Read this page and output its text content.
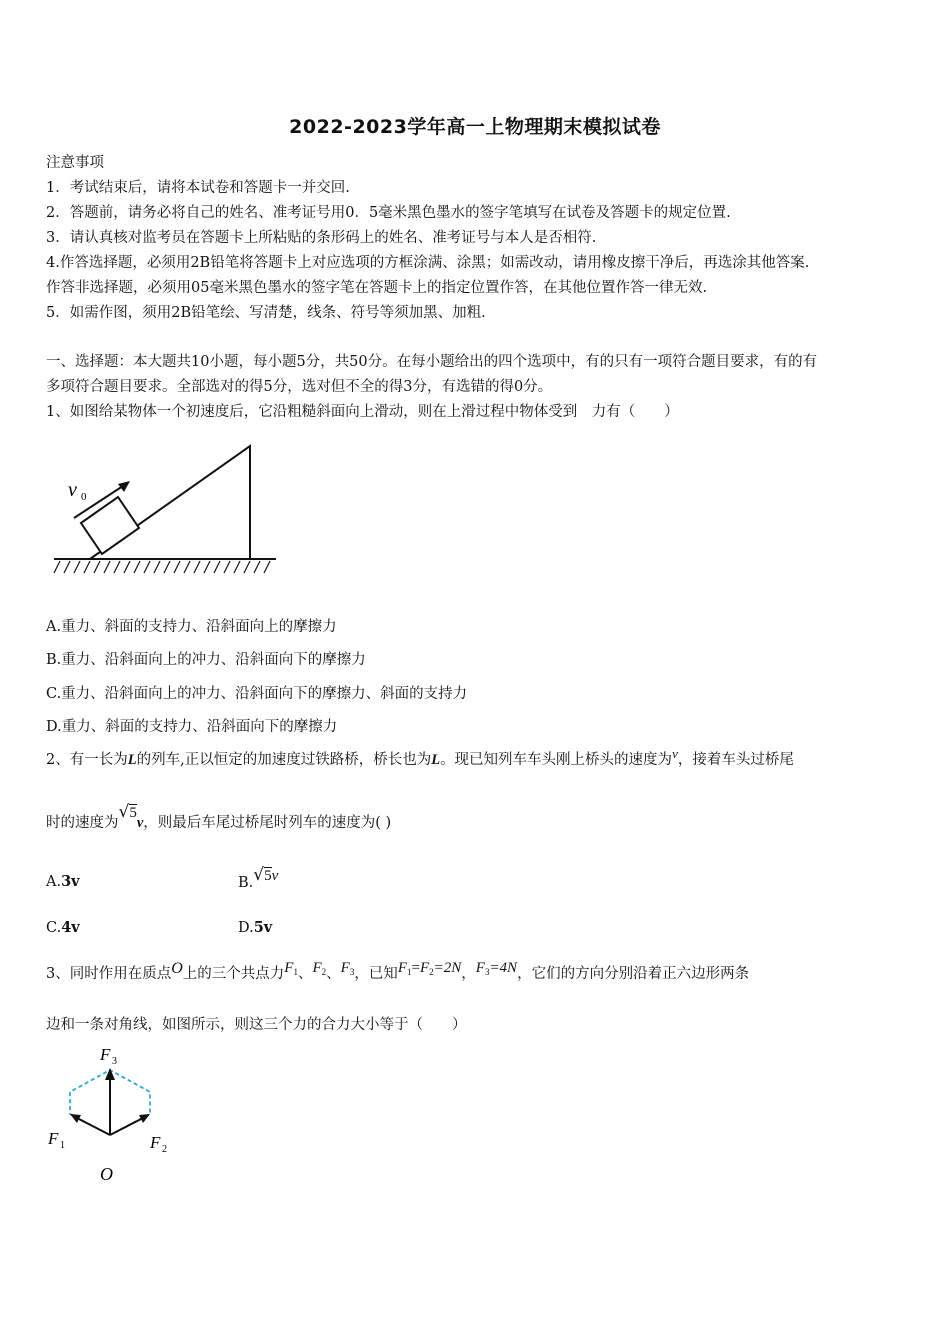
2022-2023学年高一上物理期末模拟试卷
注意事项
1．考试结束后，请将本试卷和答题卡一并交回.
2．答题前，请务必将自己的姓名、准考证号用0．5毫米黑色墨水的签字笔填写在试卷及答题卡的规定位置.
3．请认真核对监考员在答题卡上所粘贴的条形码上的姓名、准考证号与本人是否相符.
4.作答选择题，必须用2B铅笔将答题卡上对应选项的方框涂满、涂黑；如需改动，请用橡皮擦干净后，再选涂其他答案.
作答非选择题，必须用05毫米黑色墨水的签字笔在答题卡上的指定位置作答，在其他位置作答一律无效.
5．如需作图，须用2B铅笔绘、写清楚，线条、符号等须加黑、加粗.
一、选择题：本大题共10小题，每小题5分，共50分。在每小题给出的四个选项中，有的只有一项符合题目要求，有的有
多项符合题目要求。全部选对的得5分，选对但不全的得3分，有选错的得0分。
1、如图给某物体一个初速度后，它沿粗糙斜面向上滑动，则在上滑过程中物体受到　力有（　　）
v 0
A.重力、斜面的支持力、沿斜面向上的摩擦力
B.重力、沿斜面向上的冲力、沿斜面向下的摩擦力
C.重力、沿斜面向上的冲力、沿斜面向下的摩擦力、斜面的支持力
D.重力、斜面的支持力、沿斜面向下的摩擦力
2、有一长为L的列车,正以恒定的加速度过铁路桥，桥长也为L。现已知列车车头刚上桥头的速度为v，接着车头过桥尾
时的速度为√5v，则最后车尾过桥尾时列车的速度为( )
A.3v	B.√5v
C.4v	D.5v
3、同时作用在质点O上的三个共点力$F_1$、$F_2$、$F_3$，已知$F_1=F_2=2N$，$F_3=4N$，它们的方向分别沿着正六边形两条
边和一条对角线，如图所示，则这三个力的合力大小等于（　　）
F 3
F 1	F 2
O
